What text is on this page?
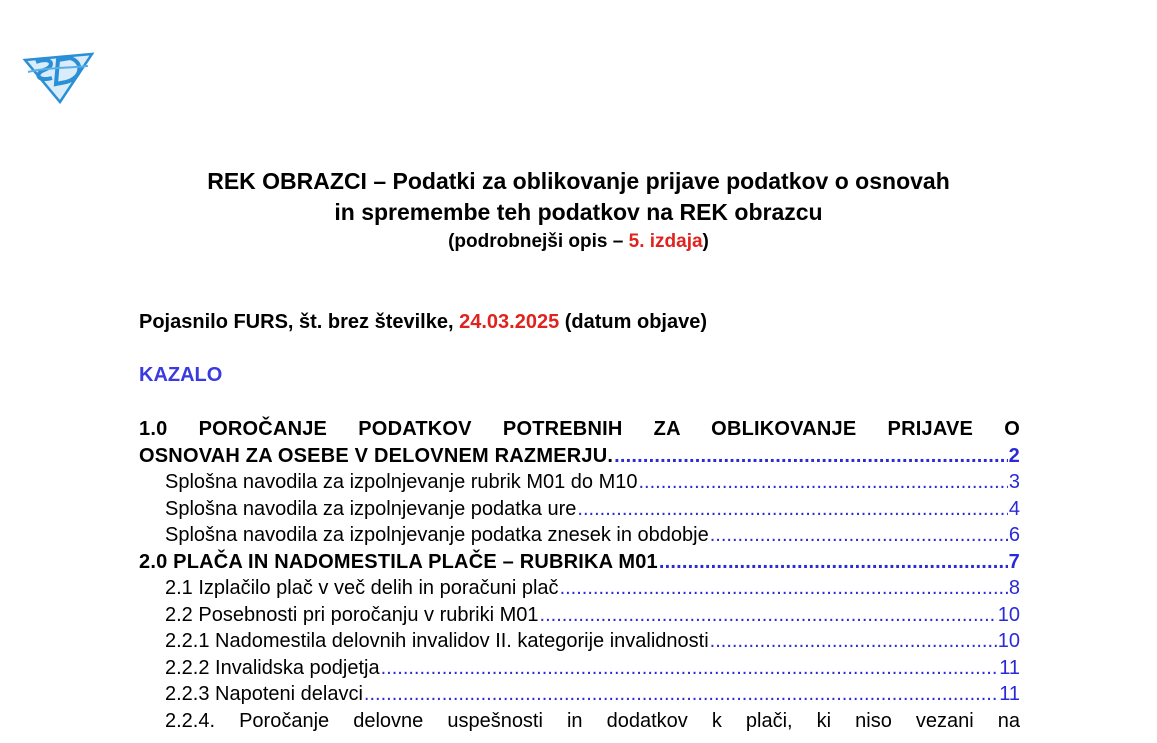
REK OBRAZCI – Podatki za oblikovanje prijave podatkov o osnovah
in spremembe teh podatkov na REK obrazcu
(podrobnejši opis – 5. izdaja)
Pojasnilo FURS, št. brez številke, 24.03.2025 (datum objave)
KAZALO
1.0 POROČANJE PODATKOV POTREBNIH ZA OBLIKOVANJE PRIJAVE O
OSNOVAH ZA OSEBE V DELOVNEM RAZMERJU. .....	2
Splošna navodila za izpolnjevanje rubrik M01 do M10 .....	3
Splošna navodila za izpolnjevanje podatka ure .....	4
Splošna navodila za izpolnjevanje podatka znesek in obdobje .....	6
2.0 PLAČA IN NADOMESTILA PLAČE – RUBRIKA M01 .....	7
2.1 Izplačilo plač v več delih in poračuni plač .....	8
2.2 Posebnosti pri poročanju v rubriki M01 .....	10
2.2.1 Nadomestila delovnih invalidov II. kategorije invalidnosti .....	10
2.2.2 Invalidska podjetja .....	11
2.2.3 Napoteni delavci .....	11
2.2.4. Poročanje delovne uspešnosti in dodatkov k plači, ki niso vezani na
